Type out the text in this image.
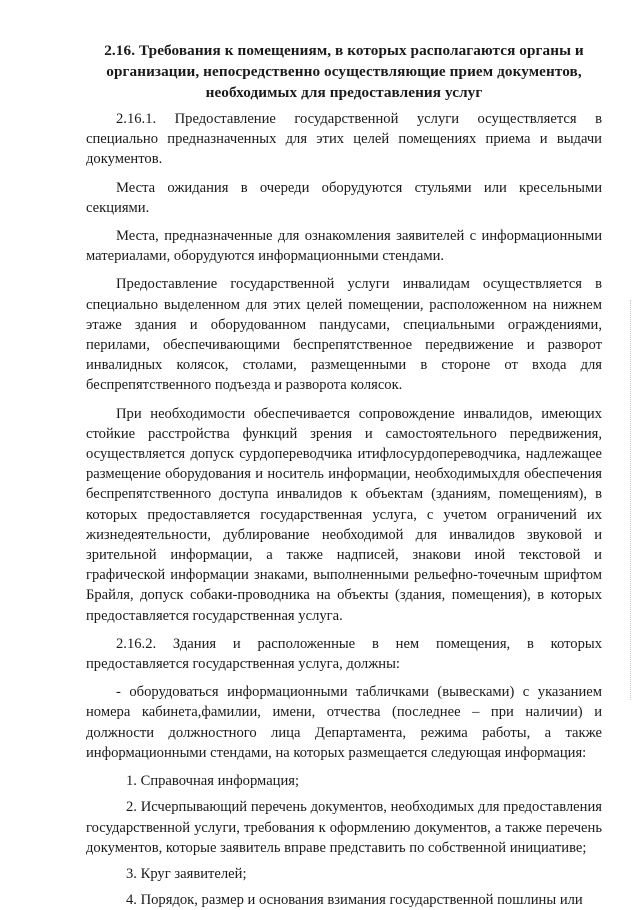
2.16. Требования к помещениям, в которых располагаются органы и организации, непосредственно осуществляющие прием документов, необходимых для предоставления услуг

2.16.1. Предоставление государственной услуги осуществляется в специально предназначенных для этих целей помещениях приема и выдачи документов.

Места ожидания в очереди оборудуются стульями или кресельными секциями.

Места, предназначенные для ознакомления заявителей с информационными материалами, оборудуются информационными стендами.

Предоставление государственной услуги инвалидам осуществляется в специально выделенном для этих целей помещении, расположенном на нижнем этаже здания и оборудованном пандусами, специальными ограждениями, перилами, обеспечивающими беспрепятственное передвижение и разворот инвалидных колясок, столами, размещенными в стороне от входа для беспрепятственного подъезда и разворота колясок.

При необходимости обеспечивается сопровождение инвалидов, имеющих стойкие расстройства функций зрения и самостоятельного передвижения, осуществляется допуск сурдопереводчика итифлосурдопереводчика, надлежащее размещение оборудования и носитель информации, необходимыхдля обеспечения беспрепятственного доступа инвалидов к объектам (зданиям, помещениям), в которых предоставляется государственная услуга, с учетом ограничений их жизнедеятельности, дублирование необходимой для инвалидов звуковой и зрительной информации, а также надписей, знакови иной текстовой и графической информации знаками, выполненными рельефно-точечным шрифтом Брайля, допуск собаки-проводника на объекты (здания, помещения), в которых предоставляется государственная услуга.

2.16.2. Здания и расположенные в нем помещения, в которых предоставляется государственная услуга, должны:

- оборудоваться информационными табличками (вывесками) с указанием номера кабинета,фамилии, имени, отчества (последнее – при наличии) и должности должностного лица Департамента, режима работы, а также информационными стендами, на которых размещается следующая информация:

1. Справочная информация;

2. Исчерпывающий перечень документов, необходимых для предоставления государственной услуги, требования к оформлению документов, а также перечень документов, которые заявитель вправе представить по собственной инициативе;

3. Круг заявителей;

4. Порядок, размер и основания взимания государственной пошлины или
